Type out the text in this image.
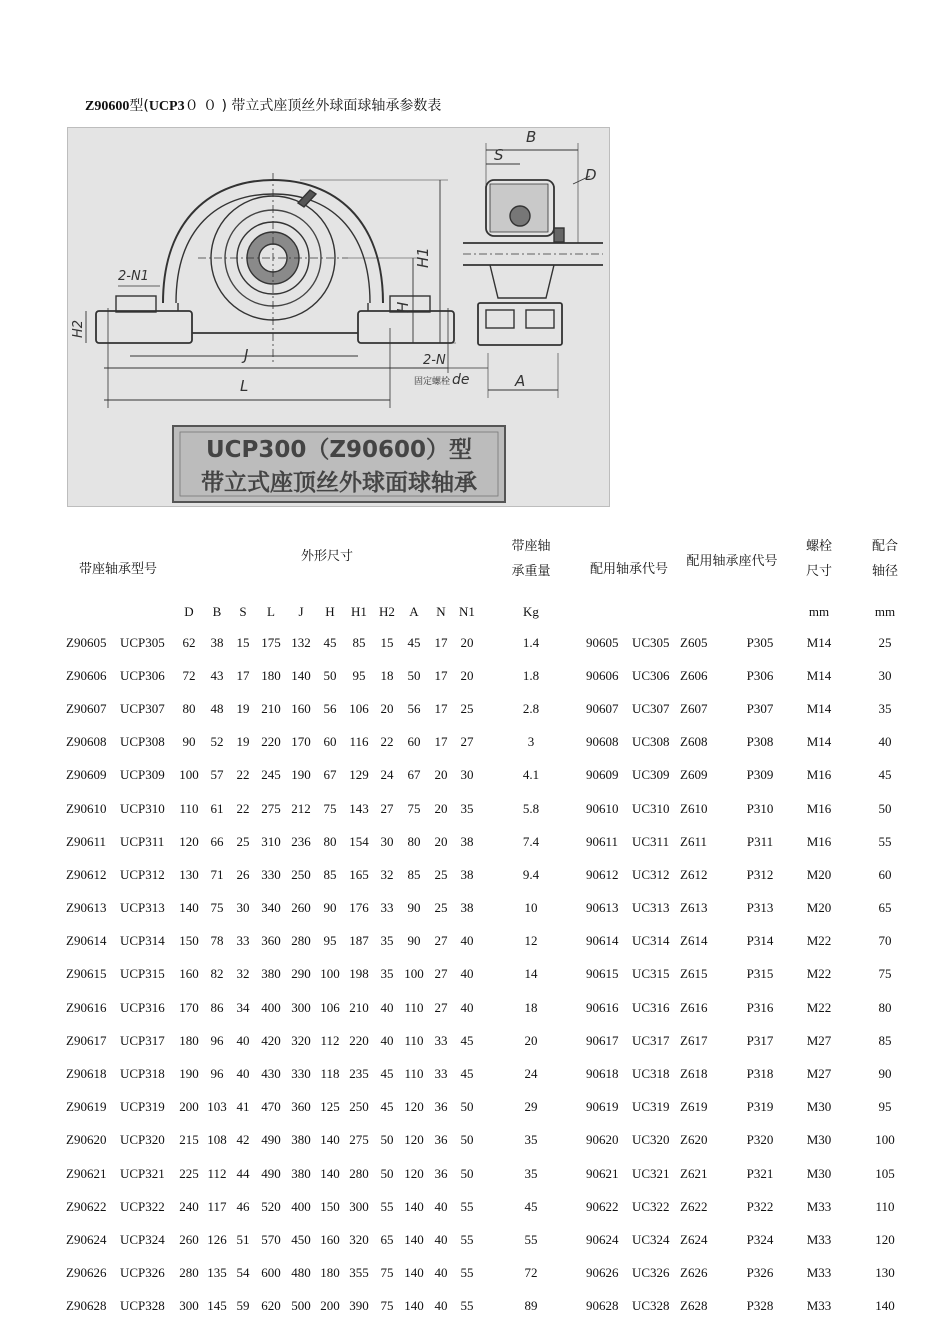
Z90600型(UCP3０ ０ ) 带立式座顶丝外球面球轴承参数表
UCP300（Z90600）型
带立式座顶丝外球面球轴承
B
S
D
J
L	A
2-N1
2-N
固定螺栓 de
H1
H
H2
带座轴承型号		外形尺寸											带座轴承重量	配用轴承代号		配用轴承座代号		螺栓尺寸	配合轴径
		D	B	S	L	J	H	H1	H2	A	N	N1	Kg					mm	mm
Z90605	UCP305	62	38	15	175	132	45	85	15	45	17	20	1.4	90605	UC305	Z605	P305	M14	25
Z90606	UCP306	72	43	17	180	140	50	95	18	50	17	20	1.8	90606	UC306	Z606	P306	M14	30
Z90607	UCP307	80	48	19	210	160	56	106	20	56	17	25	2.8	90607	UC307	Z607	P307	M14	35
Z90608	UCP308	90	52	19	220	170	60	116	22	60	17	27	3	90608	UC308	Z608	P308	M14	40
Z90609	UCP309	100	57	22	245	190	67	129	24	67	20	30	4.1	90609	UC309	Z609	P309	M16	45
Z90610	UCP310	110	61	22	275	212	75	143	27	75	20	35	5.8	90610	UC310	Z610	P310	M16	50
Z90611	UCP311	120	66	25	310	236	80	154	30	80	20	38	7.4	90611	UC311	Z611	P311	M16	55
Z90612	UCP312	130	71	26	330	250	85	165	32	85	25	38	9.4	90612	UC312	Z612	P312	M20	60
Z90613	UCP313	140	75	30	340	260	90	176	33	90	25	38	10	90613	UC313	Z613	P313	M20	65
Z90614	UCP314	150	78	33	360	280	95	187	35	90	27	40	12	90614	UC314	Z614	P314	M22	70
Z90615	UCP315	160	82	32	380	290	100	198	35	100	27	40	14	90615	UC315	Z615	P315	M22	75
Z90616	UCP316	170	86	34	400	300	106	210	40	110	27	40	18	90616	UC316	Z616	P316	M22	80
Z90617	UCP317	180	96	40	420	320	112	220	40	110	33	45	20	90617	UC317	Z617	P317	M27	85
Z90618	UCP318	190	96	40	430	330	118	235	45	110	33	45	24	90618	UC318	Z618	P318	M27	90
Z90619	UCP319	200	103	41	470	360	125	250	45	120	36	50	29	90619	UC319	Z619	P319	M30	95
Z90620	UCP320	215	108	42	490	380	140	275	50	120	36	50	35	90620	UC320	Z620	P320	M30	100
Z90621	UCP321	225	112	44	490	380	140	280	50	120	36	50	35	90621	UC321	Z621	P321	M30	105
Z90622	UCP322	240	117	46	520	400	150	300	55	140	40	55	45	90622	UC322	Z622	P322	M33	110
Z90624	UCP324	260	126	51	570	450	160	320	65	140	40	55	55	90624	UC324	Z624	P324	M33	120
Z90626	UCP326	280	135	54	600	480	180	355	75	140	40	55	72	90626	UC326	Z626	P326	M33	130
Z90628	UCP328	300	145	59	620	500	200	390	75	140	40	55	89	90628	UC328	Z628	P328	M33	140
